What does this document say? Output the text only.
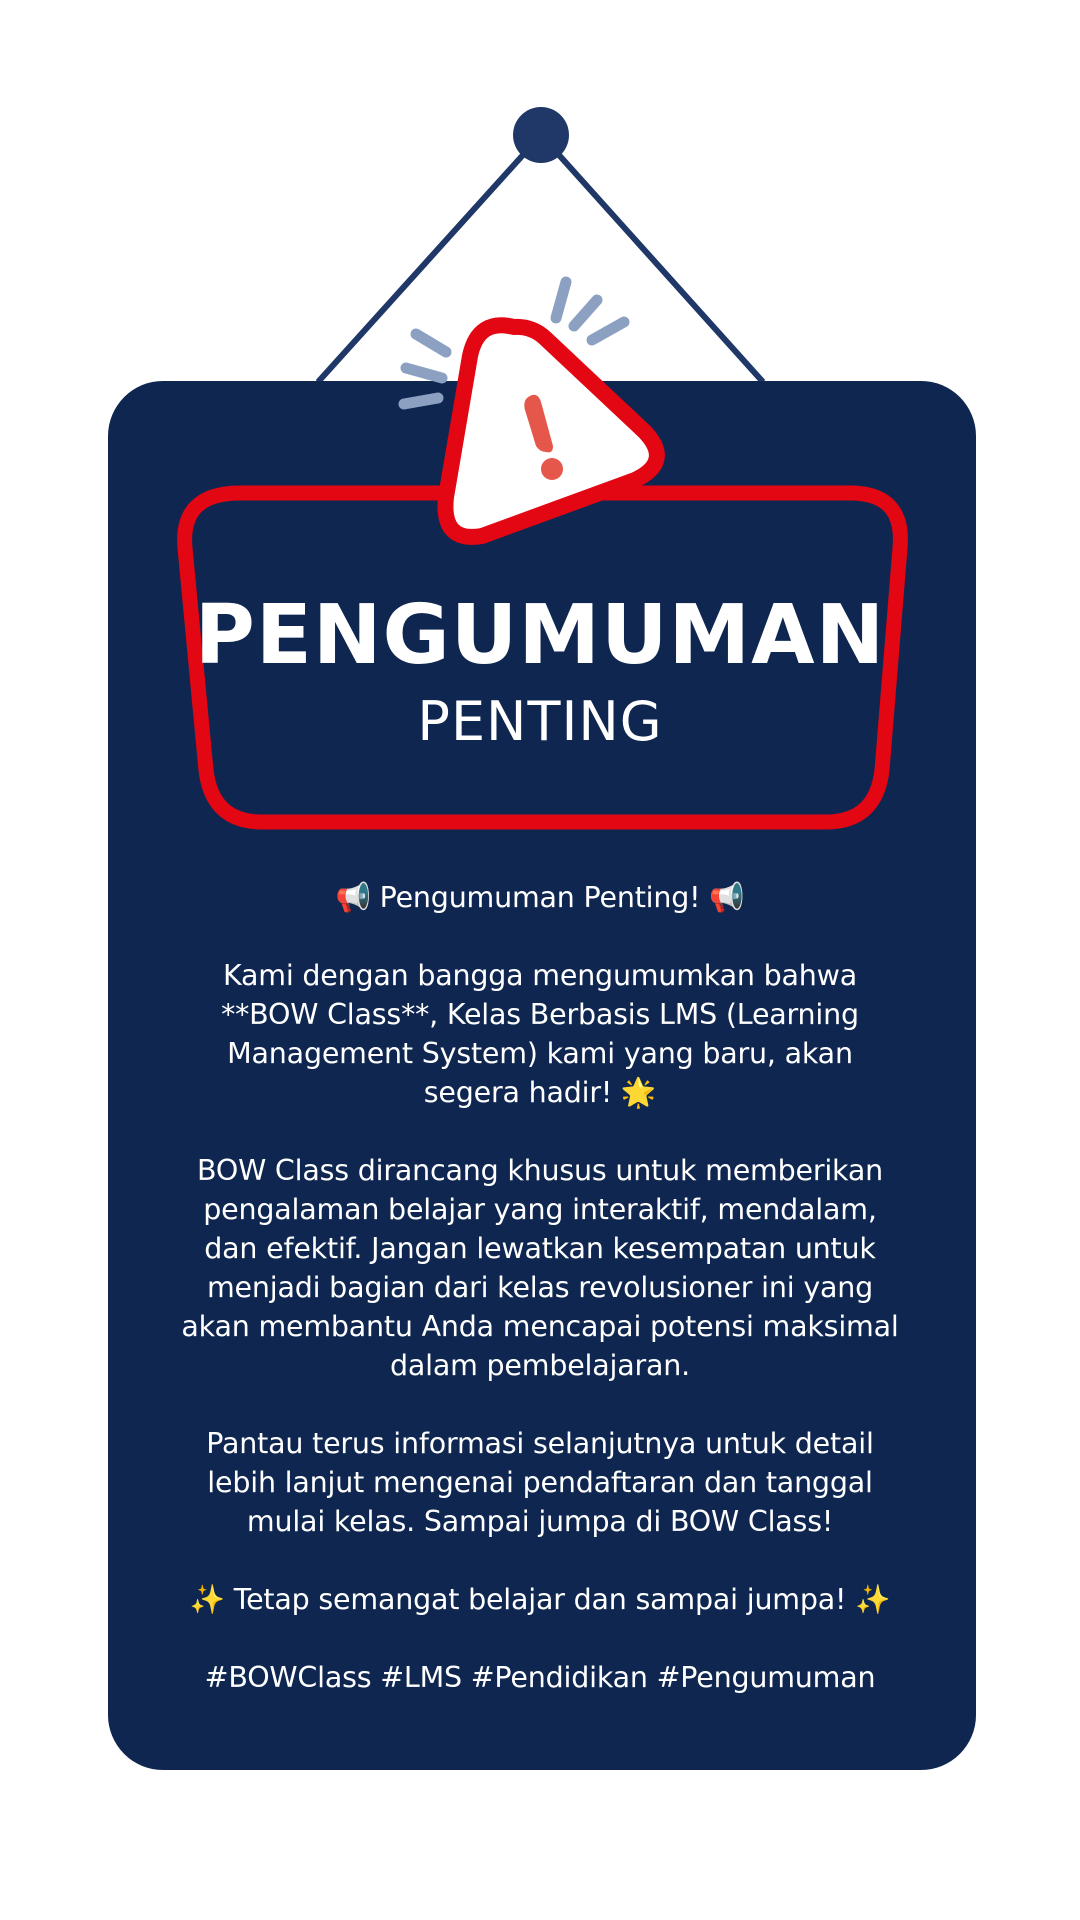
PENGUMUMAN
PENTING

📢 Pengumuman Penting! 📢

Kami dengan bangga mengumumkan bahwa **BOW Class**, Kelas Berbasis LMS (Learning Management System) kami yang baru, akan segera hadir! 🌟

BOW Class dirancang khusus untuk memberikan pengalaman belajar yang interaktif, mendalam, dan efektif. Jangan lewatkan kesempatan untuk menjadi bagian dari kelas revolusioner ini yang akan membantu Anda mencapai potensi maksimal dalam pembelajaran.

Pantau terus informasi selanjutnya untuk detail lebih lanjut mengenai pendaftaran dan tanggal mulai kelas. Sampai jumpa di BOW Class!

✨ Tetap semangat belajar dan sampai jumpa! ✨

#BOWClass #LMS #Pendidikan #Pengumuman
